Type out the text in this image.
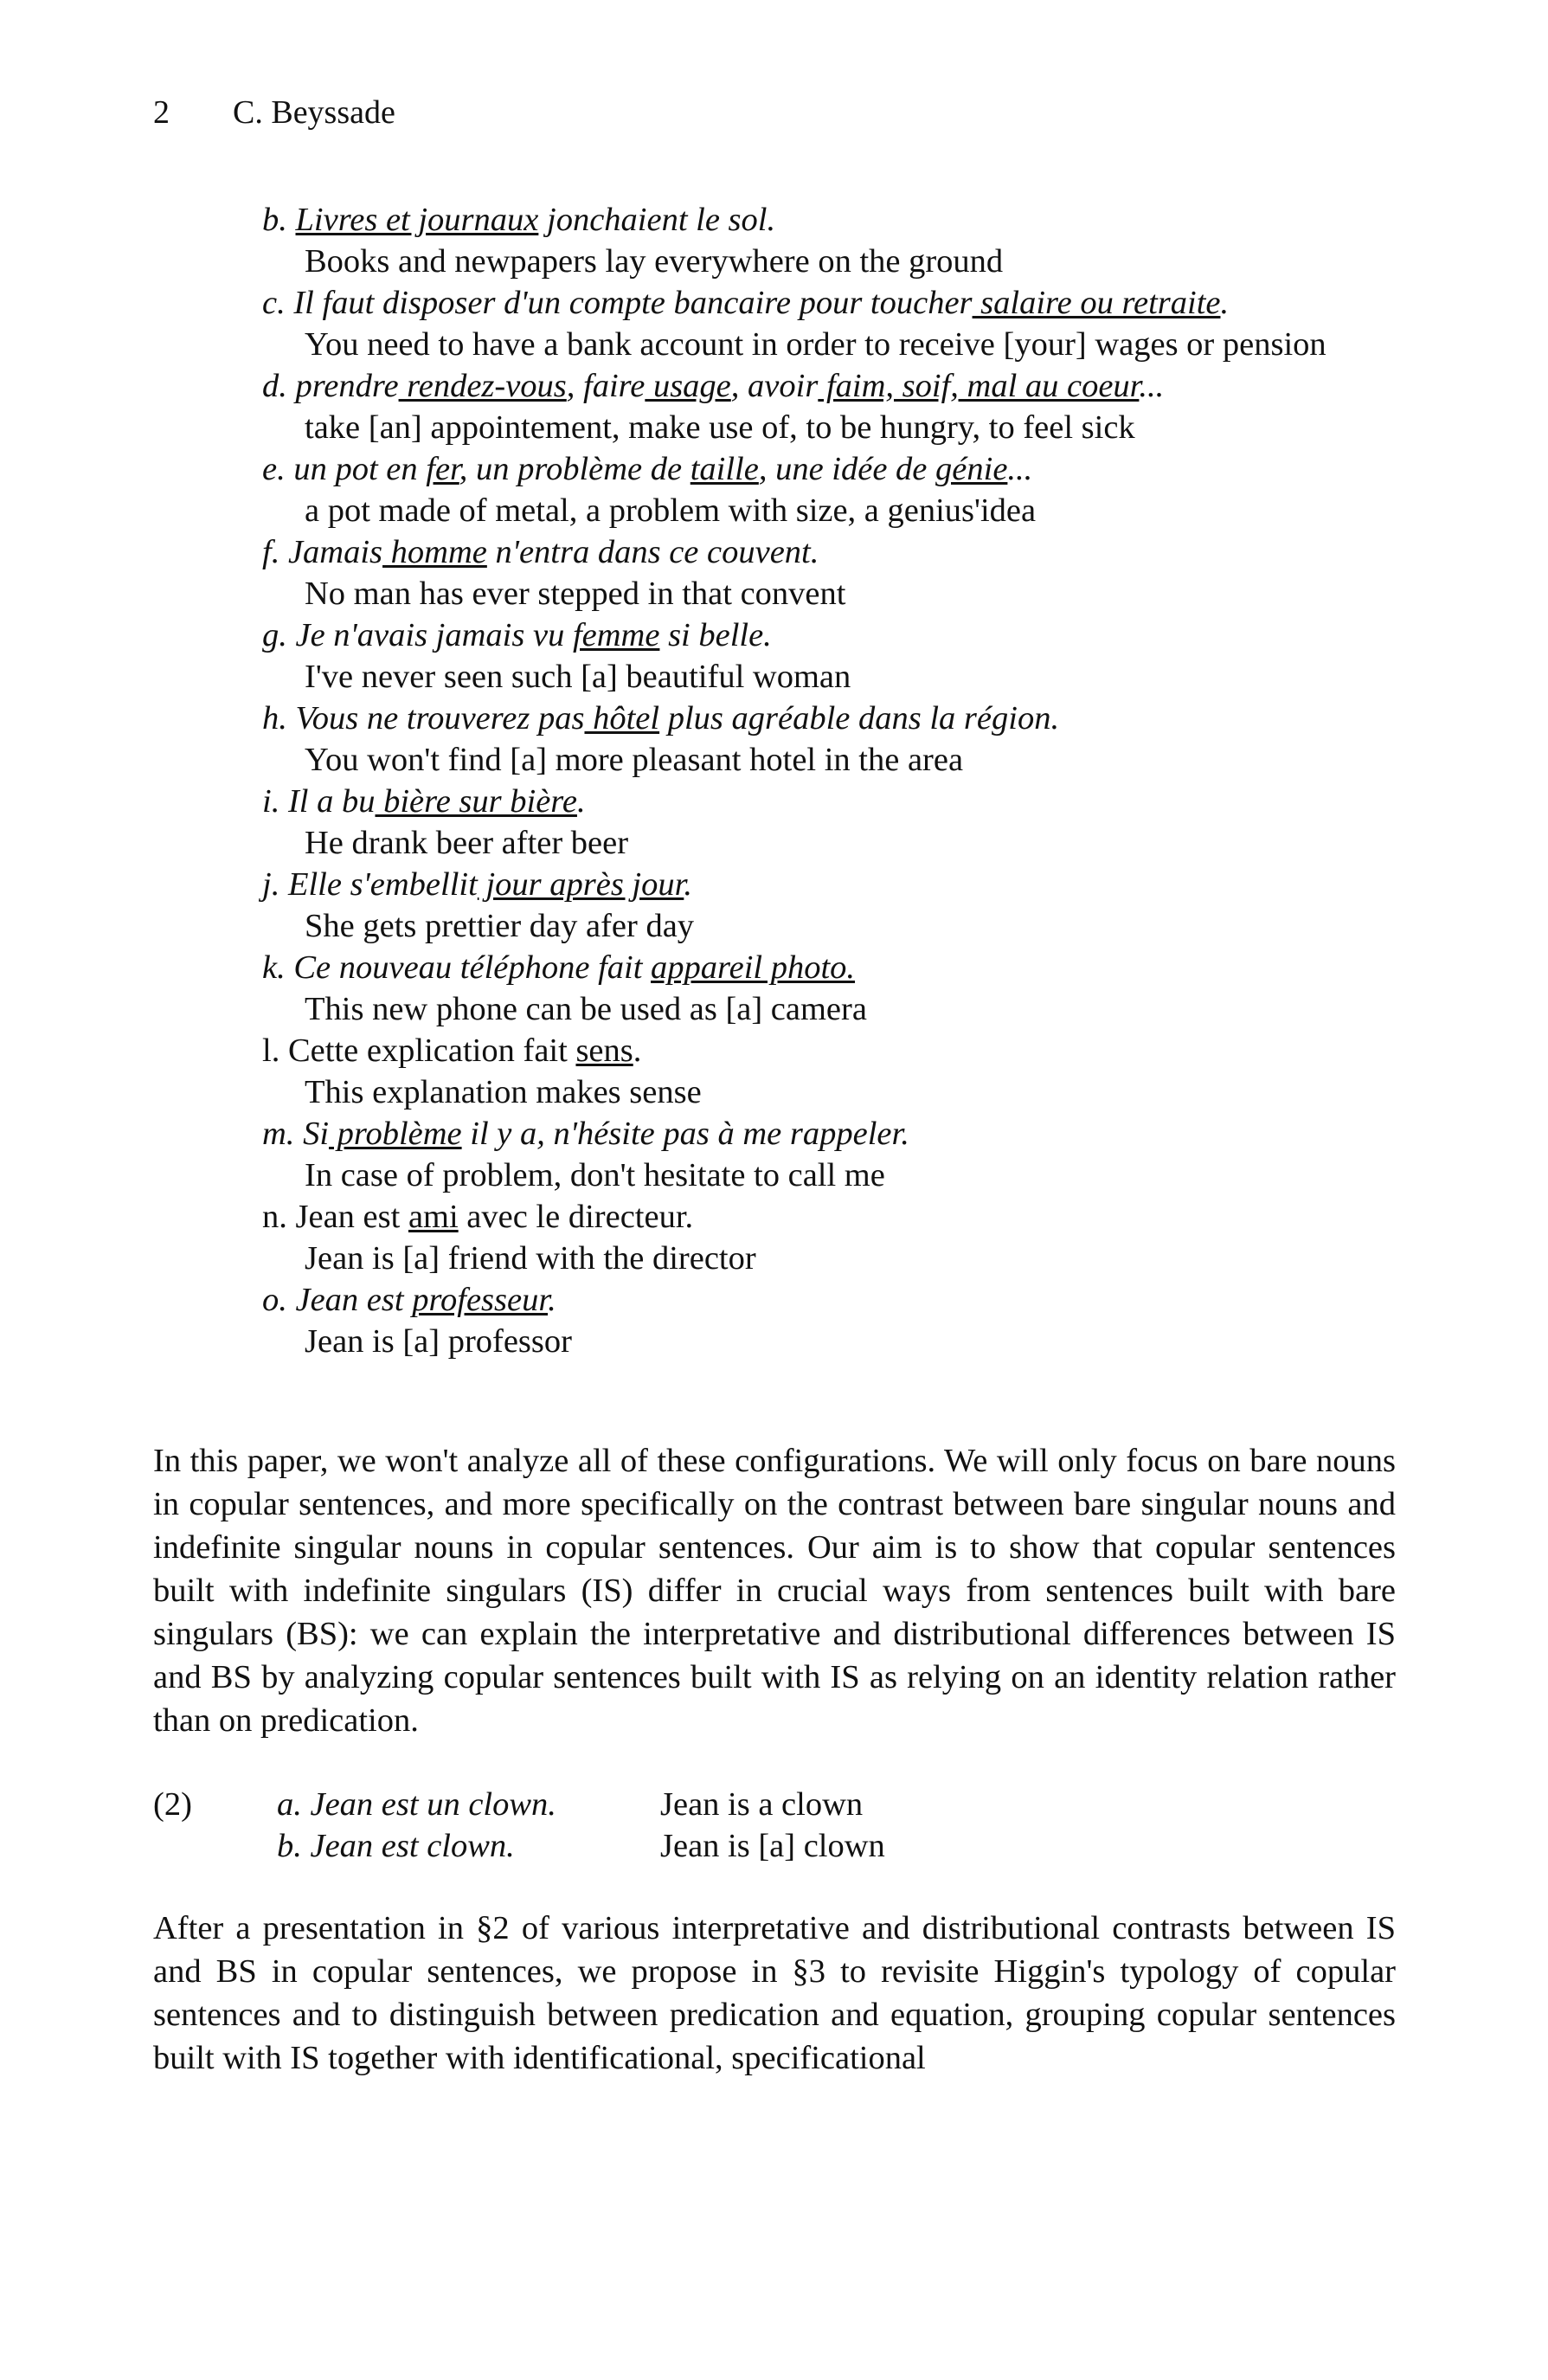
2 C. Beyssade
b. Livres et journaux jonchaient le sol.
Books and newpapers lay everywhere on the ground
c. Il faut disposer d'un compte bancaire pour toucher salaire ou retraite.
You need to have a bank account in order to receive [your] wages or pension
d. prendre rendez-vous, faire usage, avoir faim, soif, mal au coeur...
take [an] appointement, make use of, to be hungry, to feel sick
e. un pot en fer, un problème de taille, une idée de génie...
a pot made of metal, a problem with size, a genius'idea
f. Jamais homme n'entra dans ce couvent.
No man has ever stepped in that convent
g. Je n'avais jamais vu femme si belle.
I've never seen such [a] beautiful woman
h. Vous ne trouverez pas hôtel plus agréable dans la région.
You won't find [a] more pleasant hotel in the area
i. Il a bu bière sur bière.
He drank beer after beer
j. Elle s'embellit jour après jour.
She gets prettier day afer day
k. Ce nouveau téléphone fait appareil photo.
This new phone can be used as [a] camera
l. Cette explication fait sens.
This explanation makes sense
m. Si problème il y a, n'hésite pas à me rappeler.
In case of problem, don't hesitate to call me
n. Jean est ami avec le directeur.
Jean is [a] friend with the director
o. Jean est professeur.
Jean is [a] professor

In this paper, we won't analyze all of these configurations. We will only focus on bare nouns in copular sentences, and more specifically on the contrast between bare singular nouns and indefinite singular nouns in copular sentences. Our aim is to show that copular sentences built with indefinite singulars (IS) differ in crucial ways from sentences built with bare singulars (BS): we can explain the interpretative and distributional differences between IS and BS by analyzing copular sentences built with IS as relying on an identity relation rather than on predication.

(2)	a. Jean est un clown.	Jean is a clown
b. Jean est clown.	Jean is [a] clown

After a presentation in §2 of various interpretative and distributional contrasts between IS and BS in copular sentences, we propose in §3 to revisite Higgin's typology of copular sentences and to distinguish between predication and equation, grouping copular sentences built with IS together with identificational, specificational
